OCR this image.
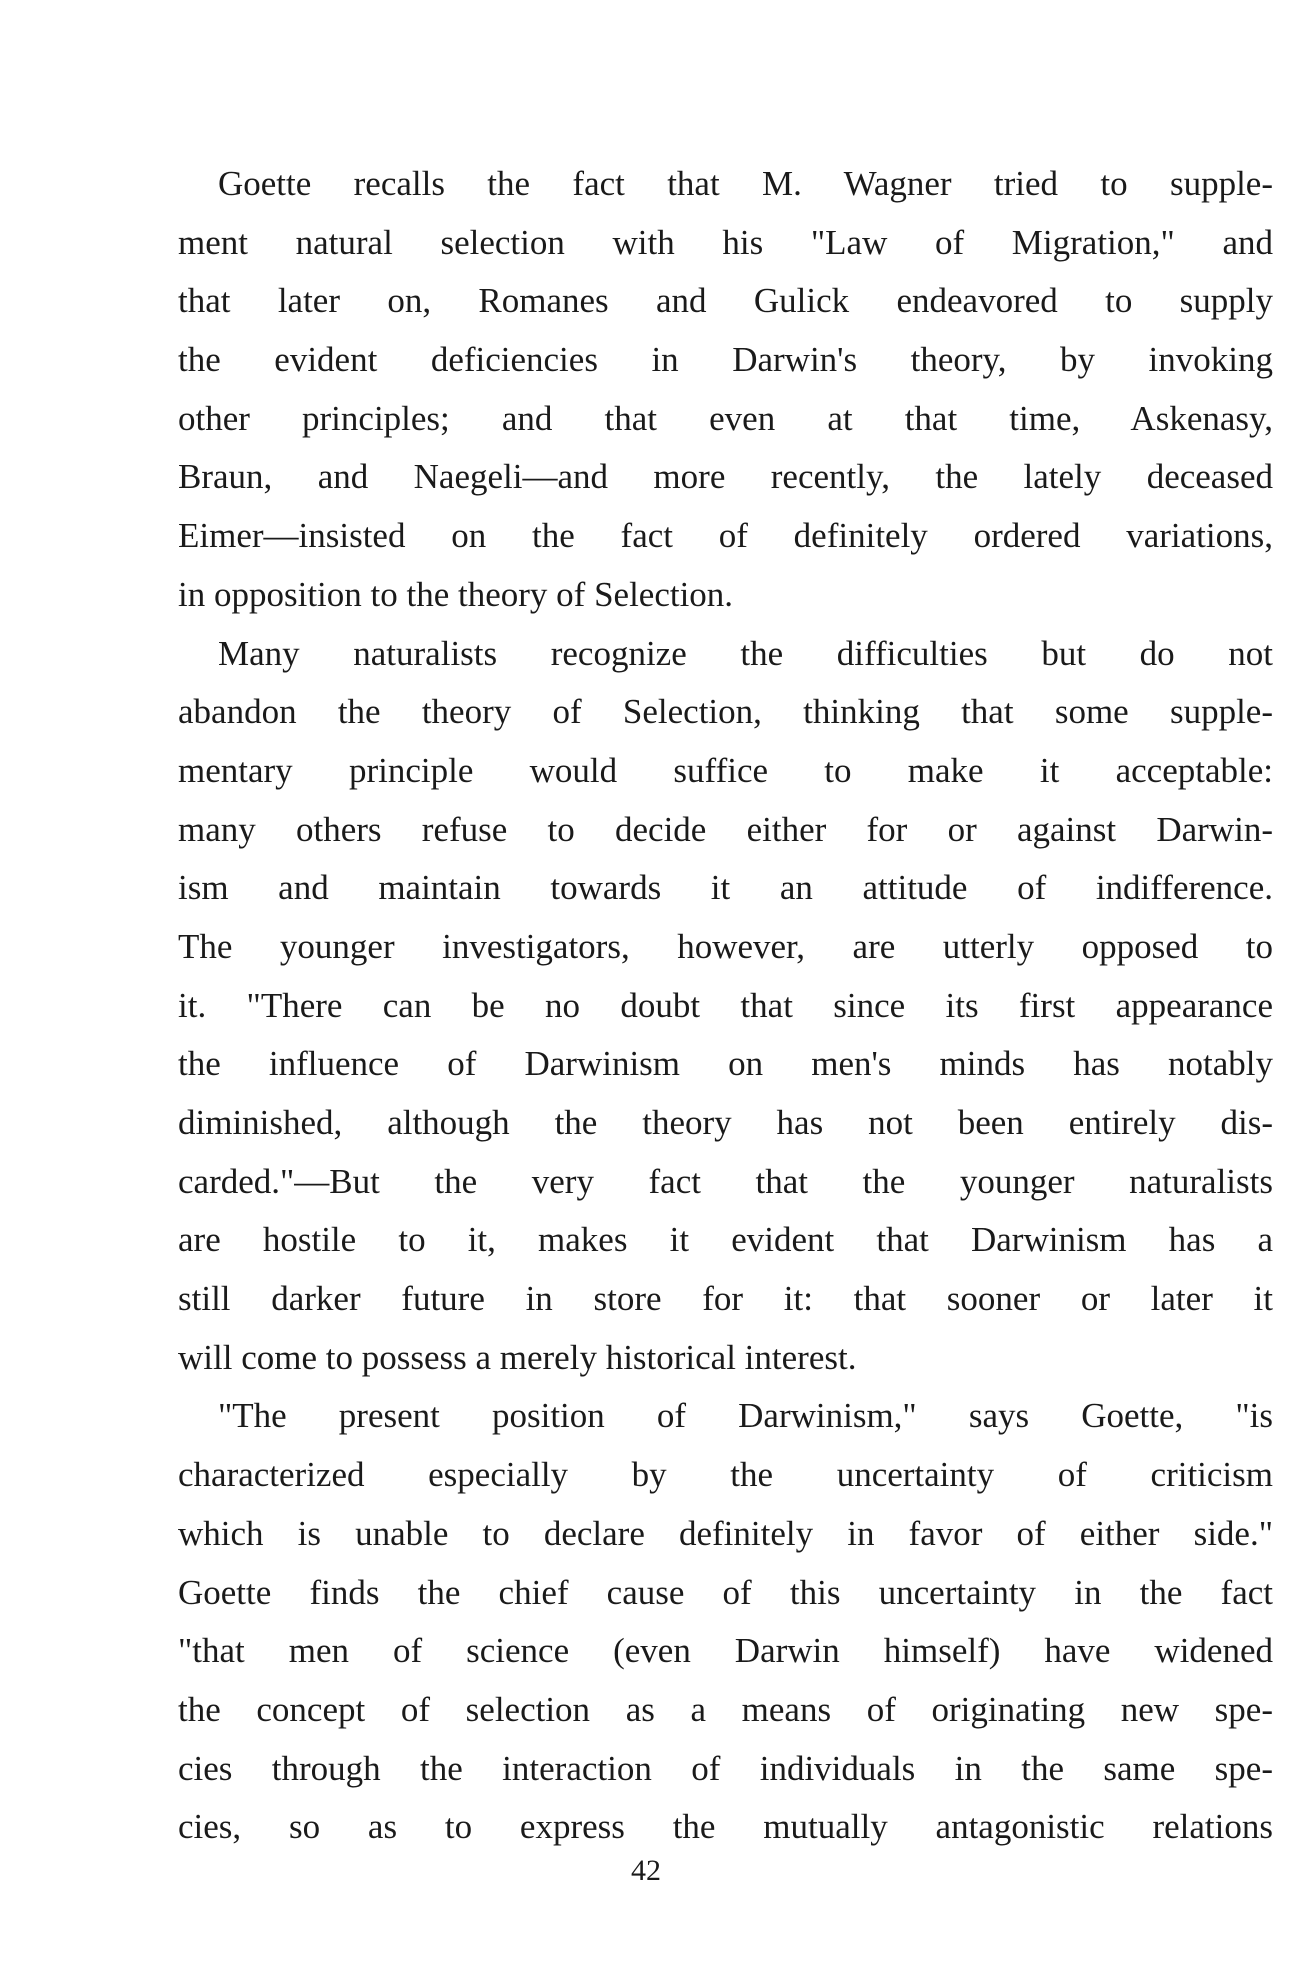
Goette recalls the fact that M. Wagner tried to supple-
ment natural selection with his "Law of Migration," and
that later on, Romanes and Gulick endeavored to supply
the evident deficiencies in Darwin's theory, by invoking
other principles; and that even at that time, Askenasy,
Braun, and Naegeli—and more recently, the lately deceased
Eimer—insisted on the fact of definitely ordered variations,
in opposition to the theory of Selection.
Many naturalists recognize the difficulties but do not
abandon the theory of Selection, thinking that some supple-
mentary principle would suffice to make it acceptable:
many others refuse to decide either for or against Darwin-
ism and maintain towards it an attitude of indifference.
The younger investigators, however, are utterly opposed to
it. "There can be no doubt that since its first appearance
the influence of Darwinism on men's minds has notably
diminished, although the theory has not been entirely dis-
carded."—But the very fact that the younger naturalists
are hostile to it, makes it evident that Darwinism has a
still darker future in store for it: that sooner or later it
will come to possess a merely historical interest.
"The present position of Darwinism," says Goette, "is
characterized especially by the uncertainty of criticism
which is unable to declare definitely in favor of either side."
Goette finds the chief cause of this uncertainty in the fact
"that men of science (even Darwin himself) have widened
the concept of selection as a means of originating new spe-
cies through the interaction of individuals in the same spe-
cies, so as to express the mutually antagonistic relations
42
